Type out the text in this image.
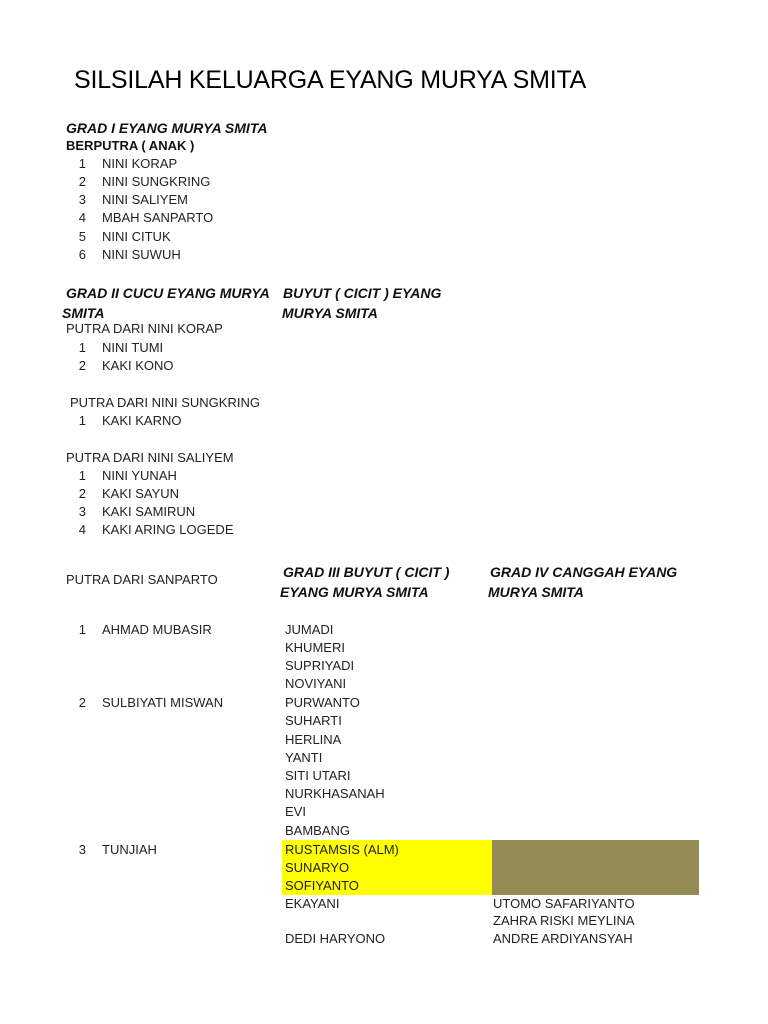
SILSILAH KELUARGA EYANG MURYA SMITA
GRAD I EYANG MURYA SMITA
BERPUTRA ( ANAK )
1 NINI KORAP
2 NINI SUNGKRING
3 NINI SALIYEM
4 MBAH SANPARTO
5 NINI CITUK
6 NINI SUWUH
GRAD II CUCU EYANG MURYA
SMITA
BUYUT ( CICIT ) EYANG
MURYA SMITA
PUTRA DARI NINI KORAP
1 NINI TUMI
2 KAKI KONO
PUTRA DARI NINI SUNGKRING
1 KAKI KARNO
PUTRA DARI NINI SALIYEM
1 NINI YUNAH
2 KAKI SAYUN
3 KAKI SAMIRUN
4 KAKI ARING LOGEDE
PUTRA DARI SANPARTO	GRAD III BUYUT ( CICIT )
EYANG MURYA SMITA
GRAD IV CANGGAH EYANG
MURYA SMITA
1 AHMAD MUBASIR
2 SULBIYATI MISWAN
3 TUNJIAH
JUMADI
KHUMERI
SUPRIYADI
NOVIYANI
PURWANTO
SUHARTI
HERLINA
YANTI
SITI UTARI
NURKHASANAH
EVI
BAMBANG
RUSTAMSIS (ALM)
SUNARYO
SOFIYANTO
EKAYANI
DEDI HARYONO
UTOMO SAFARIYANTO
ZAHRA RISKI MEYLINA
ANDRE ARDIYANSYAH
